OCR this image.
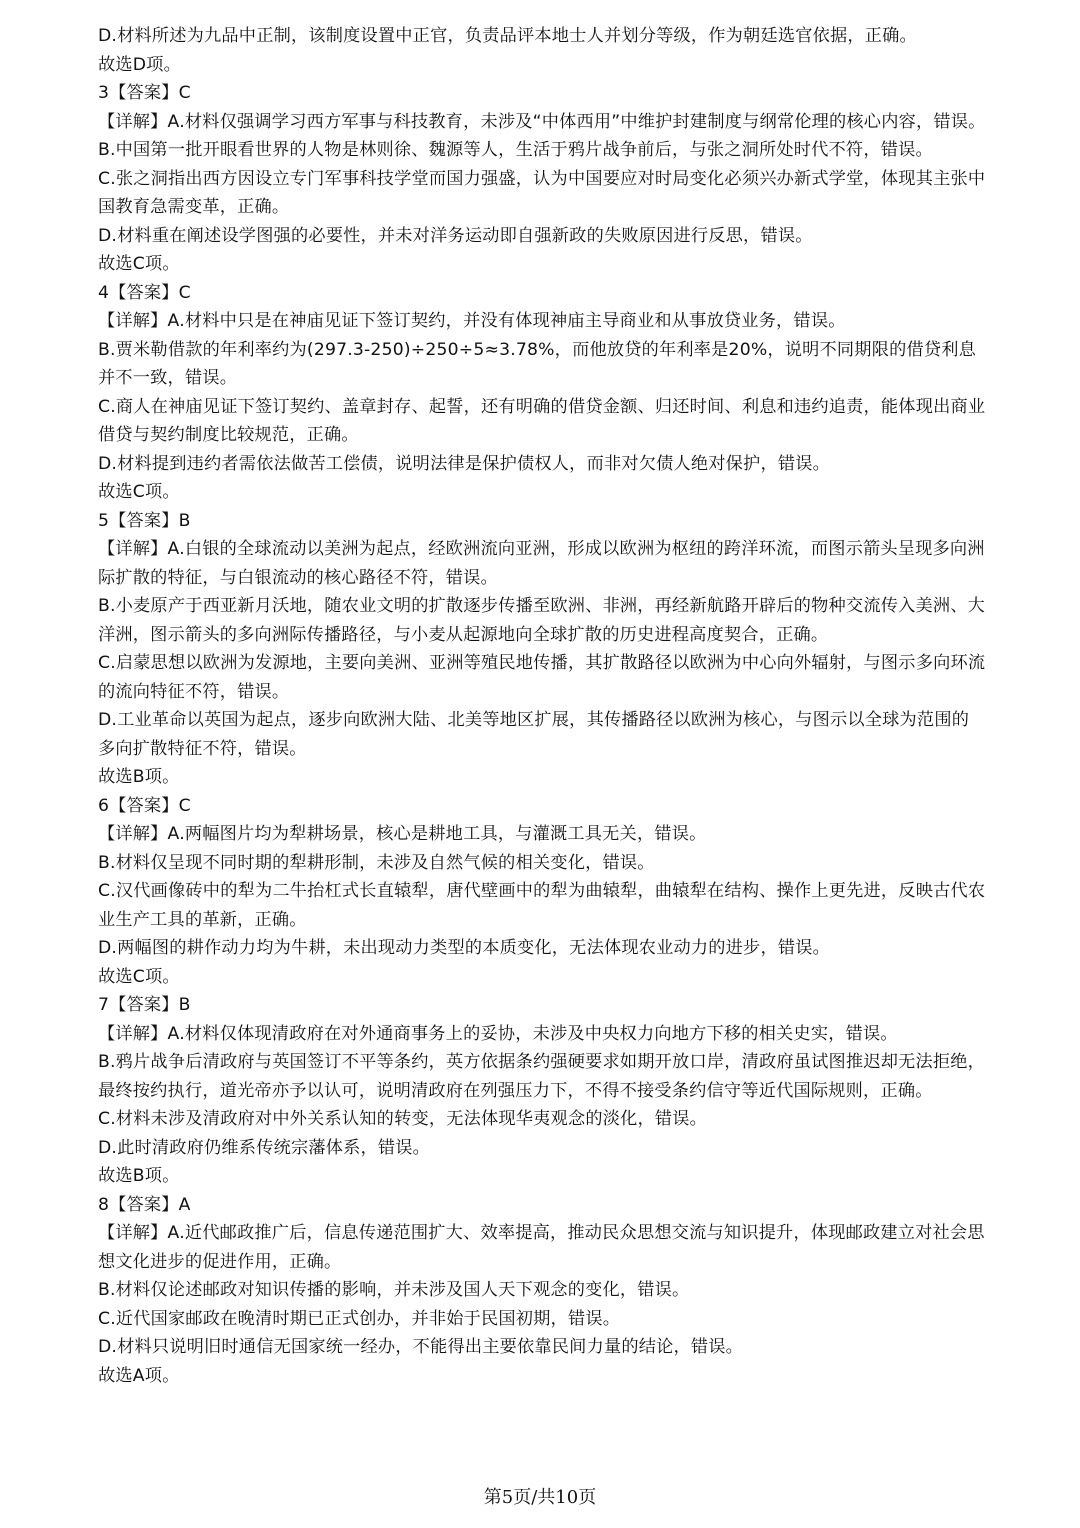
D.材料所述为九品中正制，该制度设置中正官，负责品评本地士人并划分等级，作为朝廷选官依据，正确。
故选D项。
3【答案】C
【详解】A.材料仅强调学习西方军事与科技教育，未涉及“中体西用”中维护封建制度与纲常伦理的核心内容，错误。
B.中国第一批开眼看世界的人物是林则徐、魏源等人，生活于鸦片战争前后，与张之洞所处时代不符，错误。
C.张之洞指出西方因设立专门军事科技学堂而国力强盛，认为中国要应对时局变化必须兴办新式学堂，体现其主张中国教育急需变革，正确。
D.材料重在阐述设学图强的必要性，并未对洋务运动即自强新政的失败原因进行反思，错误。
故选C项。
4【答案】C
【详解】A.材料中只是在神庙见证下签订契约，并没有体现神庙主导商业和从事放贷业务，错误。
B.贾米勒借款的年利率约为(297.3-250)÷250÷5≈3.78%，而他放贷的年利率是20%，说明不同期限的借贷利息并不一致，错误。
C.商人在神庙见证下签订契约、盖章封存、起誓，还有明确的借贷金额、归还时间、利息和违约追责，能体现出商业借贷与契约制度比较规范，正确。
D.材料提到违约者需依法做苦工偿债，说明法律是保护债权人，而非对欠债人绝对保护，错误。
故选C项。
5【答案】B
【详解】A.白银的全球流动以美洲为起点，经欧洲流向亚洲，形成以欧洲为枢纽的跨洋环流，而图示箭头呈现多向洲际扩散的特征，与白银流动的核心路径不符，错误。
B.小麦原产于西亚新月沃地，随农业文明的扩散逐步传播至欧洲、非洲，再经新航路开辟后的物种交流传入美洲、大洋洲，图示箭头的多向洲际传播路径，与小麦从起源地向全球扩散的历史进程高度契合，正确。
C.启蒙思想以欧洲为发源地，主要向美洲、亚洲等殖民地传播，其扩散路径以欧洲为中心向外辐射，与图示多向环流的流向特征不符，错误。
D.工业革命以英国为起点，逐步向欧洲大陆、北美等地区扩展，其传播路径以欧洲为核心，与图示以全球为范围的多向扩散特征不符，错误。
故选B项。
6【答案】C
【详解】A.两幅图片均为犁耕场景，核心是耕地工具，与灌溉工具无关，错误。
B.材料仅呈现不同时期的犁耕形制，未涉及自然气候的相关变化，错误。
C.汉代画像砖中的犁为二牛抬杠式长直辕犁，唐代壁画中的犁为曲辕犁，曲辕犁在结构、操作上更先进，反映古代农业生产工具的革新，正确。
D.两幅图的耕作动力均为牛耕，未出现动力类型的本质变化，无法体现农业动力的进步，错误。
故选C项。
7【答案】B
【详解】A.材料仅体现清政府在对外通商事务上的妥协，未涉及中央权力向地方下移的相关史实，错误。
B.鸦片战争后清政府与英国签订不平等条约，英方依据条约强硬要求如期开放口岸，清政府虽试图推迟却无法拒绝，最终按约执行，道光帝亦予以认可，说明清政府在列强压力下，不得不接受条约信守等近代国际规则，正确。
C.材料未涉及清政府对中外关系认知的转变，无法体现华夷观念的淡化，错误。
D.此时清政府仍维系传统宗藩体系，错误。
故选B项。
8【答案】A
【详解】A.近代邮政推广后，信息传递范围扩大、效率提高，推动民众思想交流与知识提升，体现邮政建立对社会思想文化进步的促进作用，正确。
B.材料仅论述邮政对知识传播的影响，并未涉及国人天下观念的变化，错误。
C.近代国家邮政在晚清时期已正式创办，并非始于民国初期，错误。
D.材料只说明旧时通信无国家统一经办，不能得出主要依靠民间力量的结论，错误。
故选A项。
第5页/共10页
